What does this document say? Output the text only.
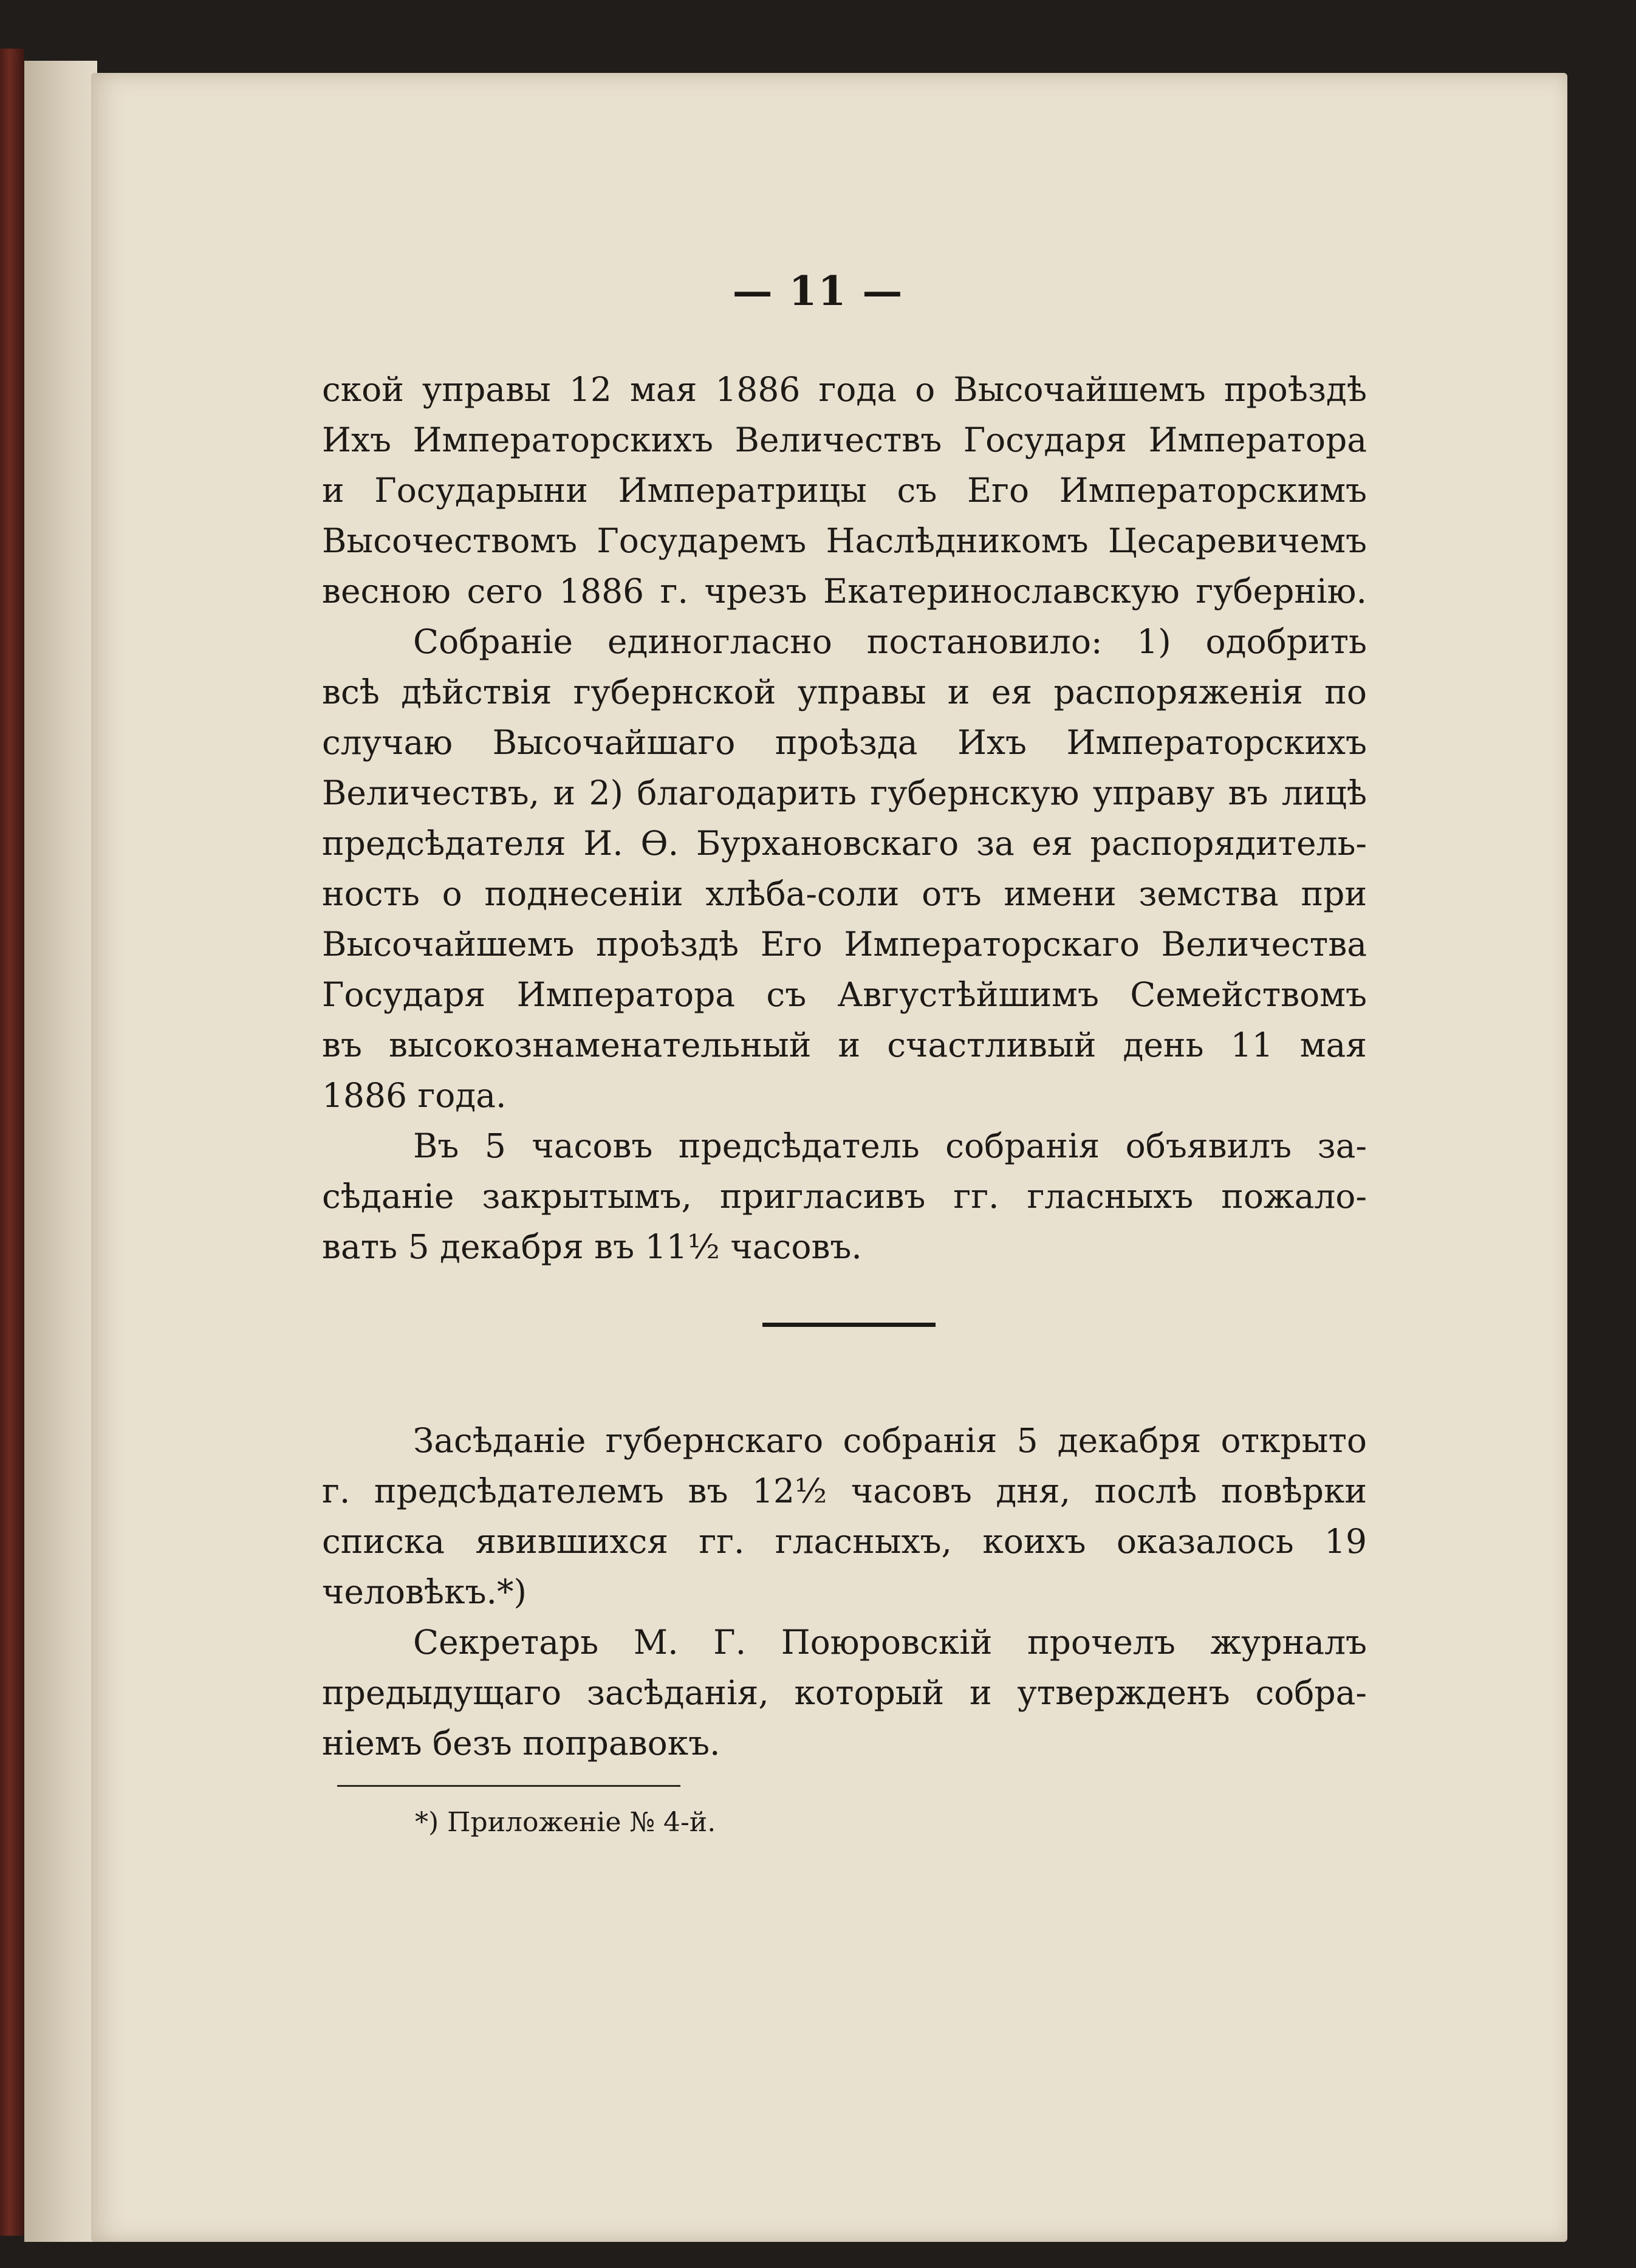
— 11 —
ской управы 12 мая 1886 года о Высочайшемъ проѣздѣ
Ихъ Императорскихъ Величествъ Государя Императора
и Государыни Императрицы съ Его Императорскимъ
Высочествомъ Государемъ Наслѣдникомъ Цесаревичемъ
весною сего 1886 г. чрезъ Екатеринославскую губернію.
Собраніе единогласно постановило: 1) одобрить
всѣ дѣйствія губернской управы и ея распоряженія по
случаю Высочайшаго проѣзда Ихъ Императорскихъ
Величествъ, и 2) благодарить губернскую управу въ лицѣ
предсѣдателя И. Ѳ. Бурхановскаго за ея распорядитель-
ность о поднесеніи хлѣба-соли отъ имени земства при
Высочайшемъ проѣздѣ Его Императорскаго Величества
Государя Императора съ Августѣйшимъ Семействомъ
въ высокознаменательный и счастливый день 11 мая
1886 года.
Въ 5 часовъ предсѣдатель собранія объявилъ за-
сѣданіе закрытымъ, пригласивъ гг. гласныхъ пожало-
вать 5 декабря въ 11½ часовъ.
Засѣданіе губернскаго собранія 5 декабря открыто
г. предсѣдателемъ въ 12½ часовъ дня, послѣ повѣрки
списка явившихся гг. гласныхъ, коихъ оказалось 19
человѣкъ.*)
Секретарь М. Г. Поюровскій прочелъ журналъ
предыдущаго засѣданія, который и утвержденъ собра-
ніемъ безъ поправокъ.
*) Приложеніе № 4-й.
